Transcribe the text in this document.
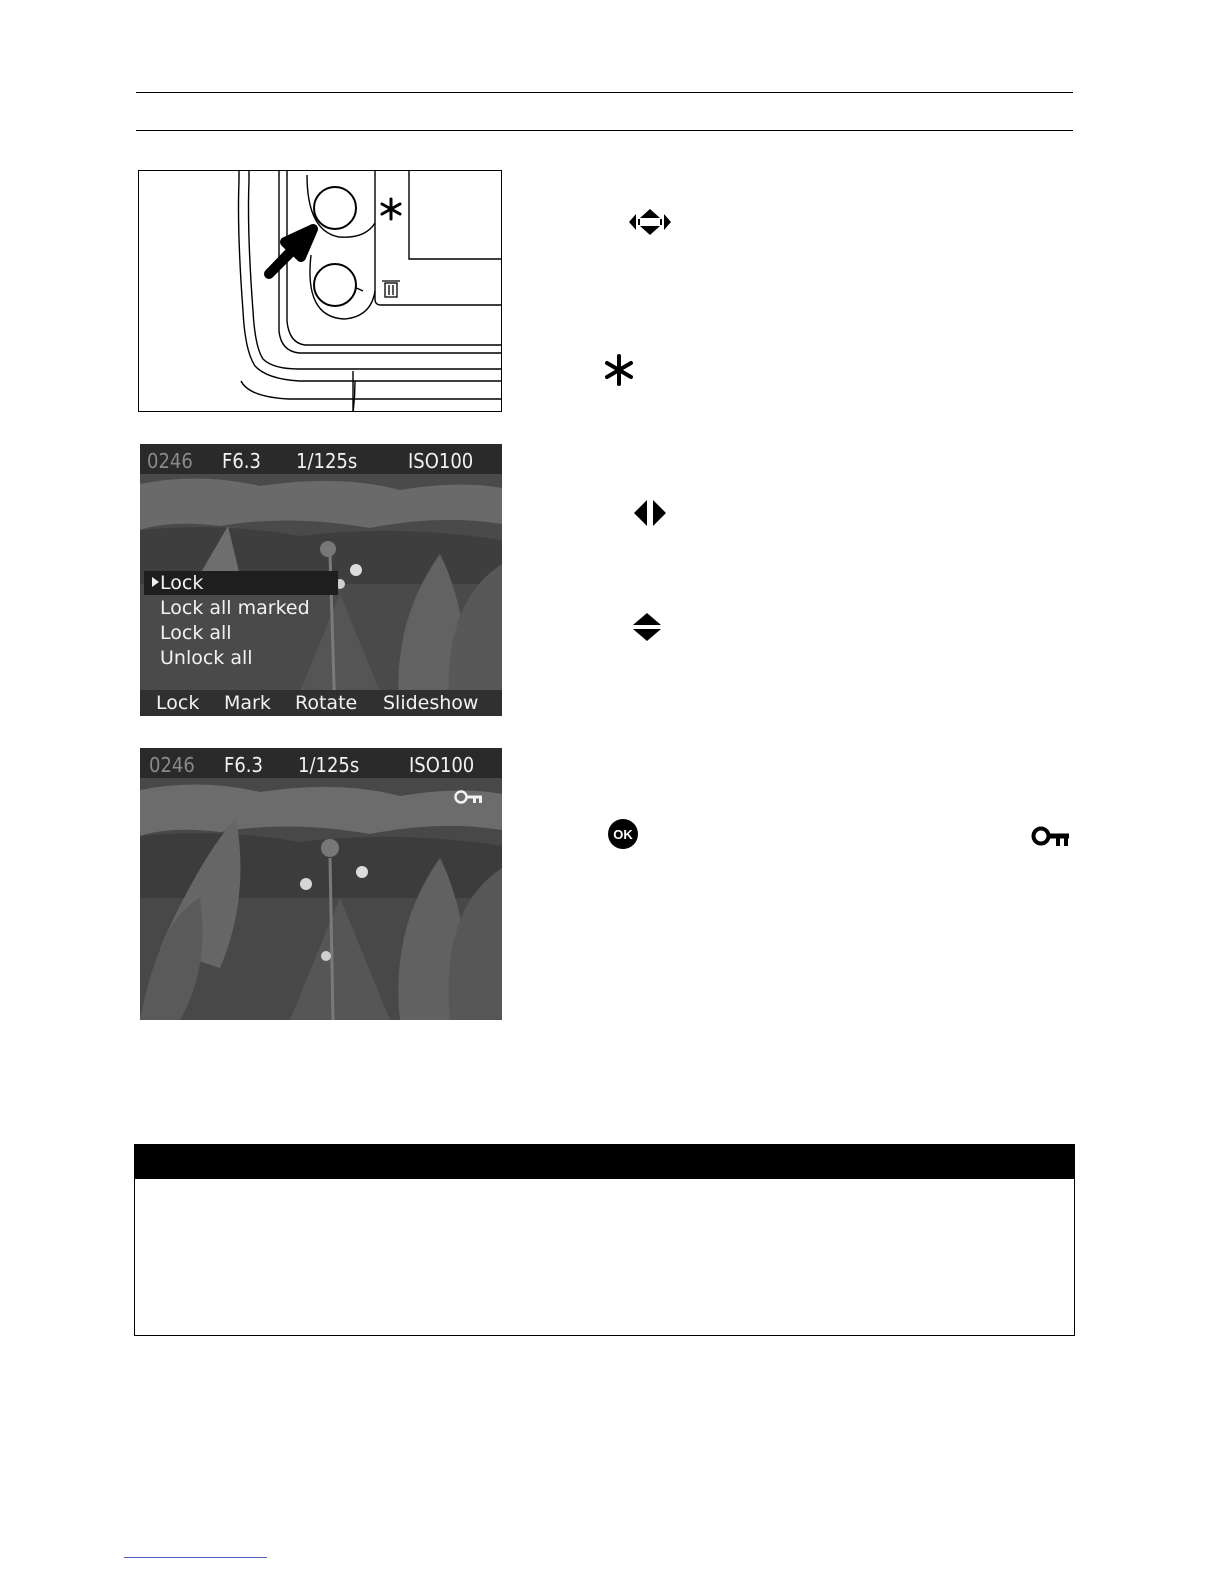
0246 F6.3 1/125s	ISO100
Lock
Lock all marked
Lock all
Unlock all
Lock Mark Rotate Slideshow
0246 F6.3 1/125s ISO100
OK
